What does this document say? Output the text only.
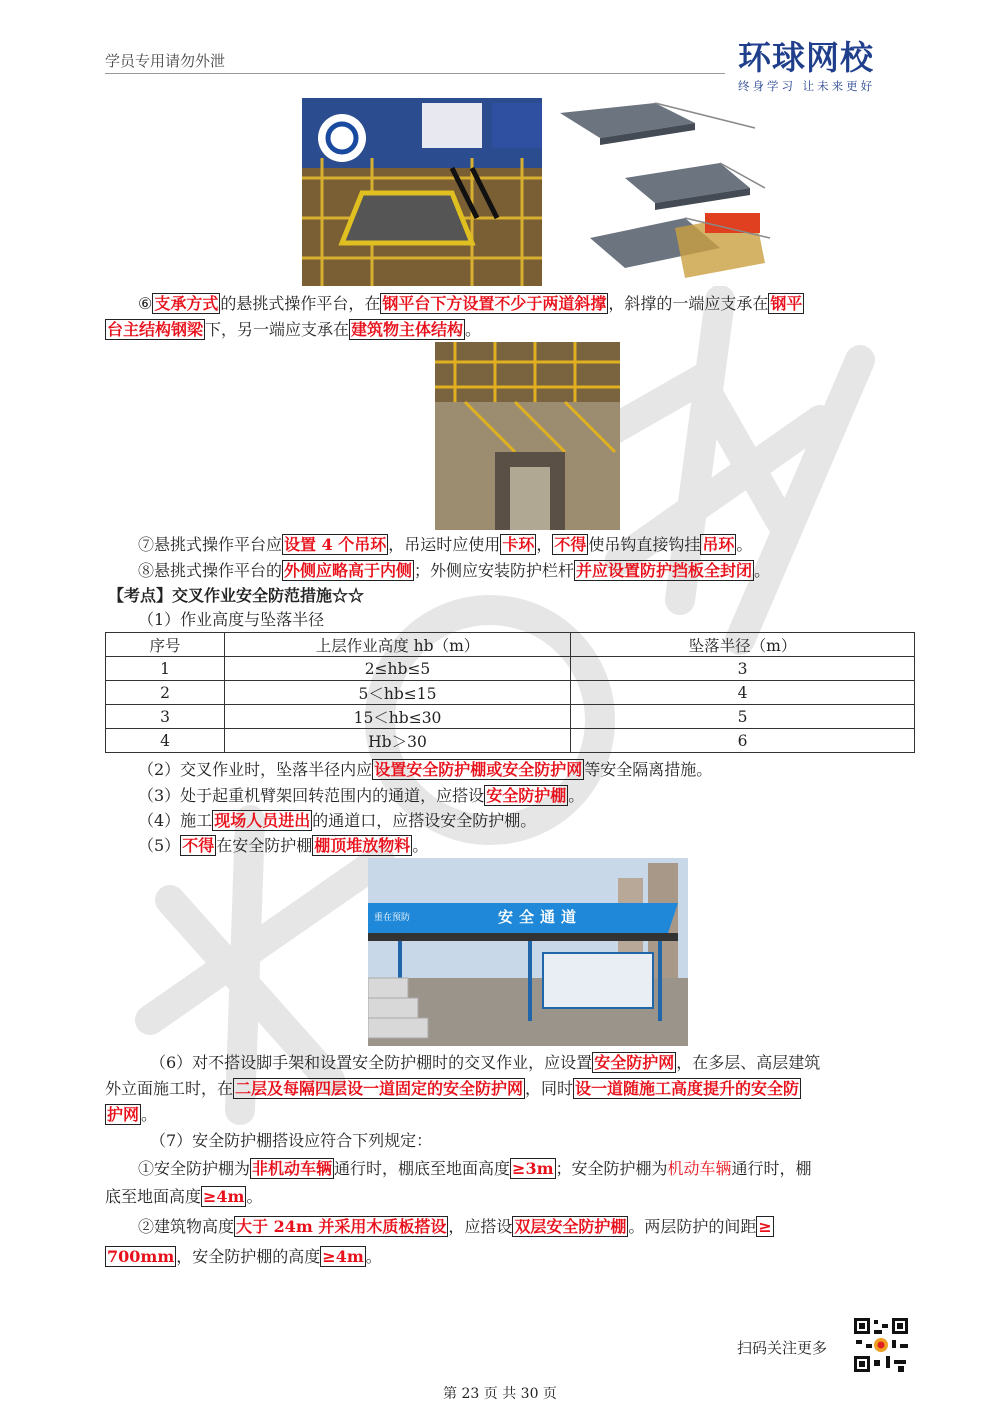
学员专用请勿外泄	环球网校
终身学习 让未来更好

⑥ 支承方式 的悬挑式操作平台，在 钢平台下方设置不少于两道斜撑 ，斜撑的一端应支承在 钢平

台主结构钢梁 下，另一端应支承在 建筑物主体结构 。

⑦悬挑式操作平台应 设置 4 个吊环 ，吊运时应使用 卡环 ， 不得 使吊钩直接钩挂 吊环 。

⑧悬挑式操作平台的 外侧应略高于内侧 ；外侧应安装防护栏杆 并应设置防护挡板全封闭 。

【考点】交叉作业安全防范措施☆☆

（1）作业高度与坠落半径

序号	上层作业高度 hb（m）	坠落半径（m）
1	2≤hb≤5	3
2	5＜hb≤15	4
3	15＜hb≤30	5
4	Hb＞30	6

（2）交叉作业时，坠落半径内应 设置安全防护棚或安全防护网 等安全隔离措施。

（3）处于起重机臂架回转范围内的通道，应搭设 安全防护棚 。

（4）施工 现场人员进出 的通道口，应搭设安全防护棚。

（5） 不得 在安全防护棚 棚顶堆放物料 。

安全通道
重在预防

（6）对不搭设脚手架和设置安全防护棚时的交叉作业，应设置 安全防护网 ，在多层、高层建筑

外立面施工时，在 二层及每隔四层设一道固定的安全防护网 ，同时 设一道随施工高度提升的安全防

护网 。

（7）安全防护棚搭设应符合下列规定：

①安全防护棚为 非机动车辆 通行时，棚底至地面高度 ≥3m ；安全防护棚为机动车辆通行时，棚

底至地面高度 ≥4m 。

②建筑物高度 大于 24m 并采用木质板搭设 ，应搭设 双层安全防护棚 。两层防护的间距 ≥

700mm ，安全防护棚的高度 ≥4m 。

扫码关注更多
第 23 页 共 30 页
